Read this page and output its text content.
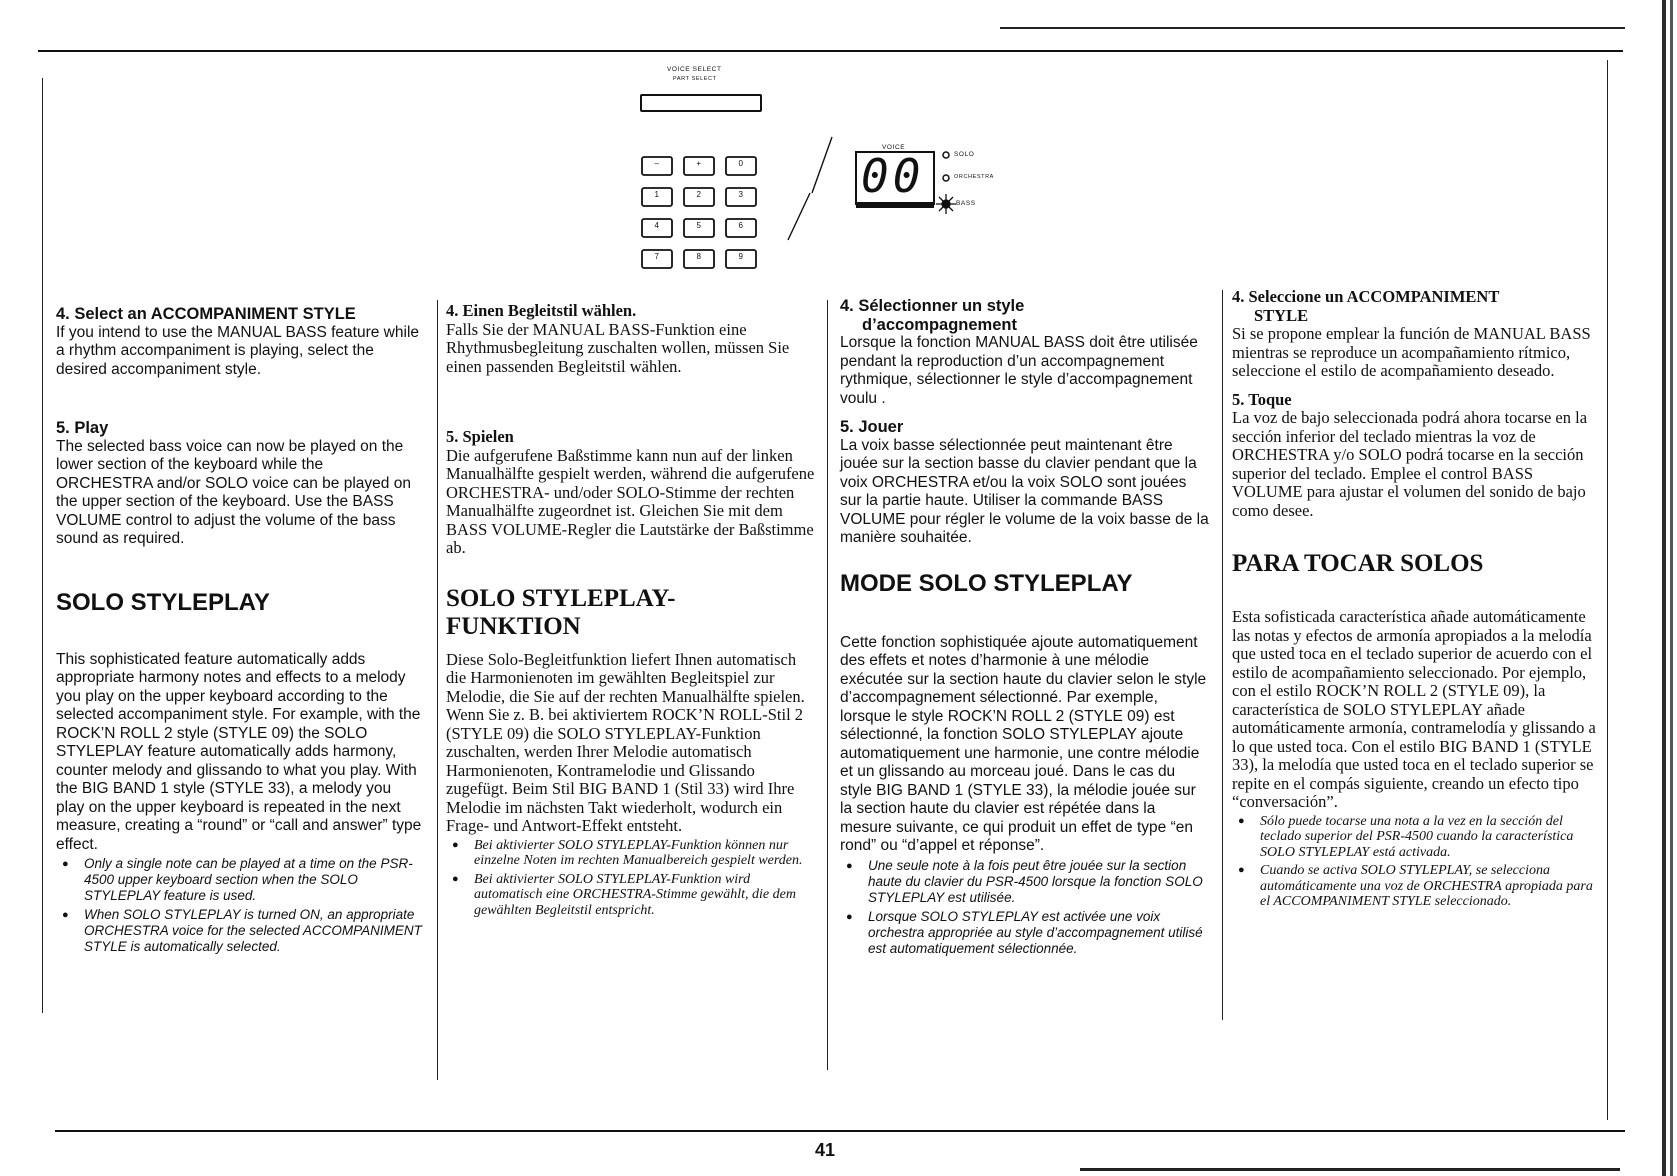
VOICE SELECT
PART SELECT
00
VOICE
PARAMETER
SOLO
ORCHESTRA
BASS
–	+	0
1	2	3
4	5	6
7	8	9

4. Select an ACCOMPANIMENT STYLE

If you intend to use the MANUAL BASS feature while a rhythm accompaniment is playing, select the desired accompaniment style.

5. Play

The selected bass voice can now be played on the lower section of the keyboard while the ORCHESTRA and/or SOLO voice can be played on the upper section of the keyboard. Use the BASS VOLUME control to adjust the volume of the bass sound as required.

SOLO STYLEPLAY

This sophisticated feature automatically adds appropriate harmony notes and effects to a melody you play on the upper keyboard according to the selected accompaniment style. For example, with the ROCK’N ROLL 2 style (STYLE 09) the SOLO STYLEPLAY feature automatically adds harmony, counter melody and glissando to what you play. With the BIG BAND 1 style (STYLE 33), a melody you play on the upper keyboard is repeated in the next measure, creating a “round” or “call and answer” type effect.

● Only a single note can be played at a time on the PSR-4500 upper keyboard section when the SOLO STYLEPLAY feature is used.
● When SOLO STYLEPLAY is turned ON, an appropriate ORCHESTRA voice for the selected ACCOMPANIMENT STYLE is automatically selected.

4. Einen Begleitstil wählen.

Falls Sie der MANUAL BASS-Funktion eine Rhythmusbegleitung zuschalten wollen, müssen Sie einen passenden Begleitstil wählen.

5. Spielen

Die aufgerufene Baßstimme kann nun auf der linken Manualhälfte gespielt werden, während die aufgerufene ORCHESTRA- und/oder SOLO-Stimme der rechten Manualhälfte zugeordnet ist. Gleichen Sie mit dem BASS VOLUME-Regler die Lautstärke der Baßstimme ab.

SOLO STYLEPLAY-FUNKTION

Diese Solo-Begleitfunktion liefert Ihnen automatisch die Harmonienoten im gewählten Begleitspiel zur Melodie, die Sie auf der rechten Manualhälfte spielen. Wenn Sie z. B. bei aktiviertem ROCK’N ROLL-Stil 2 (STYLE 09) die SOLO STYLEPLAY-Funktion zuschalten, werden Ihrer Melodie automatisch Harmonienoten, Kontramelodie und Glissando zugefügt. Beim Stil BIG BAND 1 (Stil 33) wird Ihre Melodie im nächsten Takt wiederholt, wodurch ein Frage- und Antwort-Effekt entsteht.

● Bei aktivierter SOLO STYLEPLAY-Funktion können nur einzelne Noten im rechten Manualbereich gespielt werden.
● Bei aktivierter SOLO STYLEPLAY-Funktion wird automatisch eine ORCHESTRA-Stimme gewählt, die dem gewählten Begleitstil entspricht.

4. Sélectionner un style

d’accompagnement

Lorsque la fonction MANUAL BASS doit être utilisée pendant la reproduction d’un accompagnement rythmique, sélectionner le style d’accompagnement voulu .

5. Jouer

La voix basse sélectionnée peut maintenant être jouée sur la section basse du clavier pendant que la voix ORCHESTRA et/ou la voix SOLO sont jouées sur la partie haute. Utiliser la commande BASS VOLUME pour régler le volume de la voix basse de la manière souhaitée.

MODE SOLO STYLEPLAY

Cette fonction sophistiquée ajoute automatiquement des effets et notes d’harmonie à une mélodie exécutée sur la section haute du clavier selon le style d’accompagnement sélectionné. Par exemple, lorsque le style ROCK’N ROLL 2 (STYLE 09) est sélectionné, la fonction SOLO STYLEPLAY ajoute automatiquement une harmonie, une contre mélodie et un glissando au morceau joué. Dans le cas du style BIG BAND 1 (STYLE 33), la mélodie jouée sur la section haute du clavier est répétée dans la mesure suivante, ce qui produit un effet de type “en rond” ou “d’appel et réponse”.

● Une seule note à la fois peut être jouée sur la section haute du clavier du PSR-4500 lorsque la fonction SOLO STYLEPLAY est utilisée.
● Lorsque SOLO STYLEPLAY est activée une voix orchestra appropriée au style d’accompagnement utilisé est automatiquement sélectionnée.

4. Seleccione un ACCOMPANIMENT

STYLE

Si se propone emplear la función de MANUAL BASS mientras se reproduce un acompañamiento rítmico, seleccione el estilo de acompañamiento deseado.

5. Toque

La voz de bajo seleccionada podrá ahora tocarse en la sección inferior del teclado mientras la voz de ORCHESTRA y/o SOLO podrá tocarse en la sección superior del teclado. Emplee el control BASS VOLUME para ajustar el volumen del sonido de bajo como desee.

PARA TOCAR SOLOS

Esta sofisticada característica añade automáticamente las notas y efectos de armonía apropiados a la melodía que usted toca en el teclado superior de acuerdo con el estilo de acompañamiento seleccionado. Por ejemplo, con el estilo ROCK’N ROLL 2 (STYLE 09), la característica de SOLO STYLEPLAY añade automáticamente armonía, contramelodía y glissando a lo que usted toca. Con el estilo BIG BAND 1 (STYLE 33), la melodía que usted toca en el teclado superior se repite en el compás siguiente, creando un efecto tipo “conversación”.

● Sólo puede tocarse una nota a la vez en la sección del teclado superior del PSR-4500 cuando la característica SOLO STYLEPLAY está activada.
● Cuando se activa SOLO STYLEPLAY, se selecciona automáticamente una voz de ORCHESTRA apropiada para el ACCOMPANIMENT STYLE seleccionado.
41
